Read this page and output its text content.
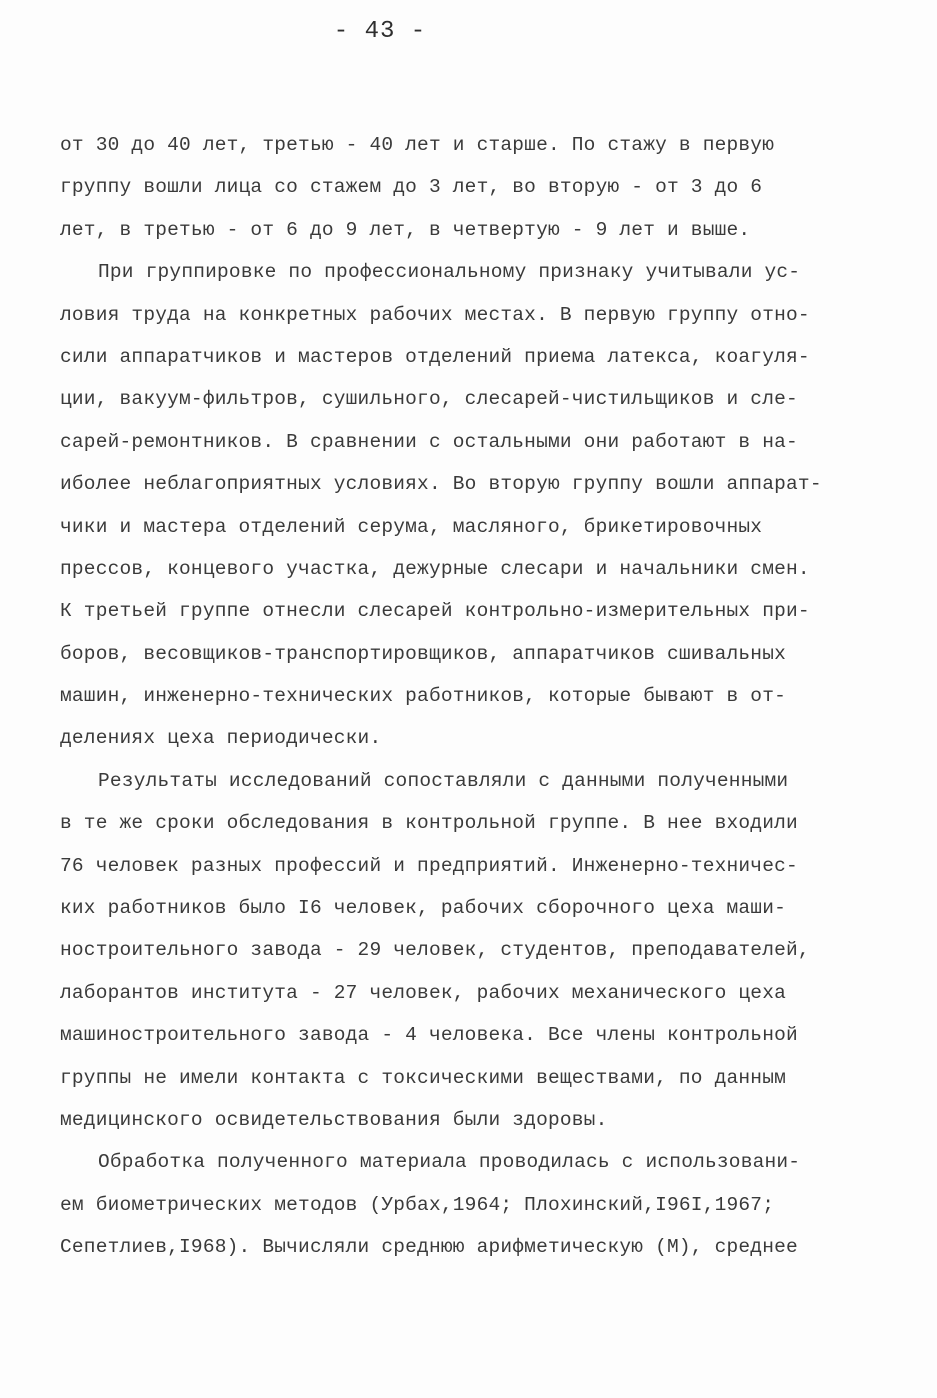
- 43 -
от 30 до 40 лет, третью - 40 лет и старше. По стажу в первую
группу вошли лица со стажем до 3 лет, во вторую - от 3 до 6
лет, в третью - от 6 до 9 лет, в четвертую - 9 лет и выше.
При группировке по профессиональному признаку учитывали ус-
ловия труда на конкретных рабочих местах. В первую группу отно-
сили аппаратчиков и мастеров отделений приема латекса, коагуля-
ции, вакуум-фильтров, сушильного, слесарей-чистильщиков и сле-
сарей-ремонтников. В сравнении с остальными они работают в на-
иболее неблагоприятных условиях. Во вторую группу вошли аппарат-
чики и мастера отделений серума, масляного, брикетировочных
прессов, концевого участка, дежурные слесари и начальники смен.
К третьей группе отнесли слесарей контрольно-измерительных при-
боров, весовщиков-транспортировщиков, аппаратчиков сшивальных
машин, инженерно-технических работников, которые бывают в от-
делениях цеха периодически.
Результаты исследований сопоставляли с данными полученными
в те же сроки обследования в контрольной группе. В нее входили
76 человек разных профессий и предприятий. Инженерно-техничес-
ких работников было I6 человек, рабочих сборочного цеха маши-
ностроительного завода - 29 человек, студентов, преподавателей,
лаборантов института - 27 человек, рабочих механического цеха
машиностроительного завода - 4 человека. Все члены контрольной
группы не имели контакта с токсическими веществами, по данным
медицинского освидетельствования были здоровы.
Обработка полученного материала проводилась с использовани-
ем биометрических методов (Урбах,1964; Плохинский,I96I,1967;
Сепетлиев,I968). Вычисляли среднюю арифметическую (М), среднее
